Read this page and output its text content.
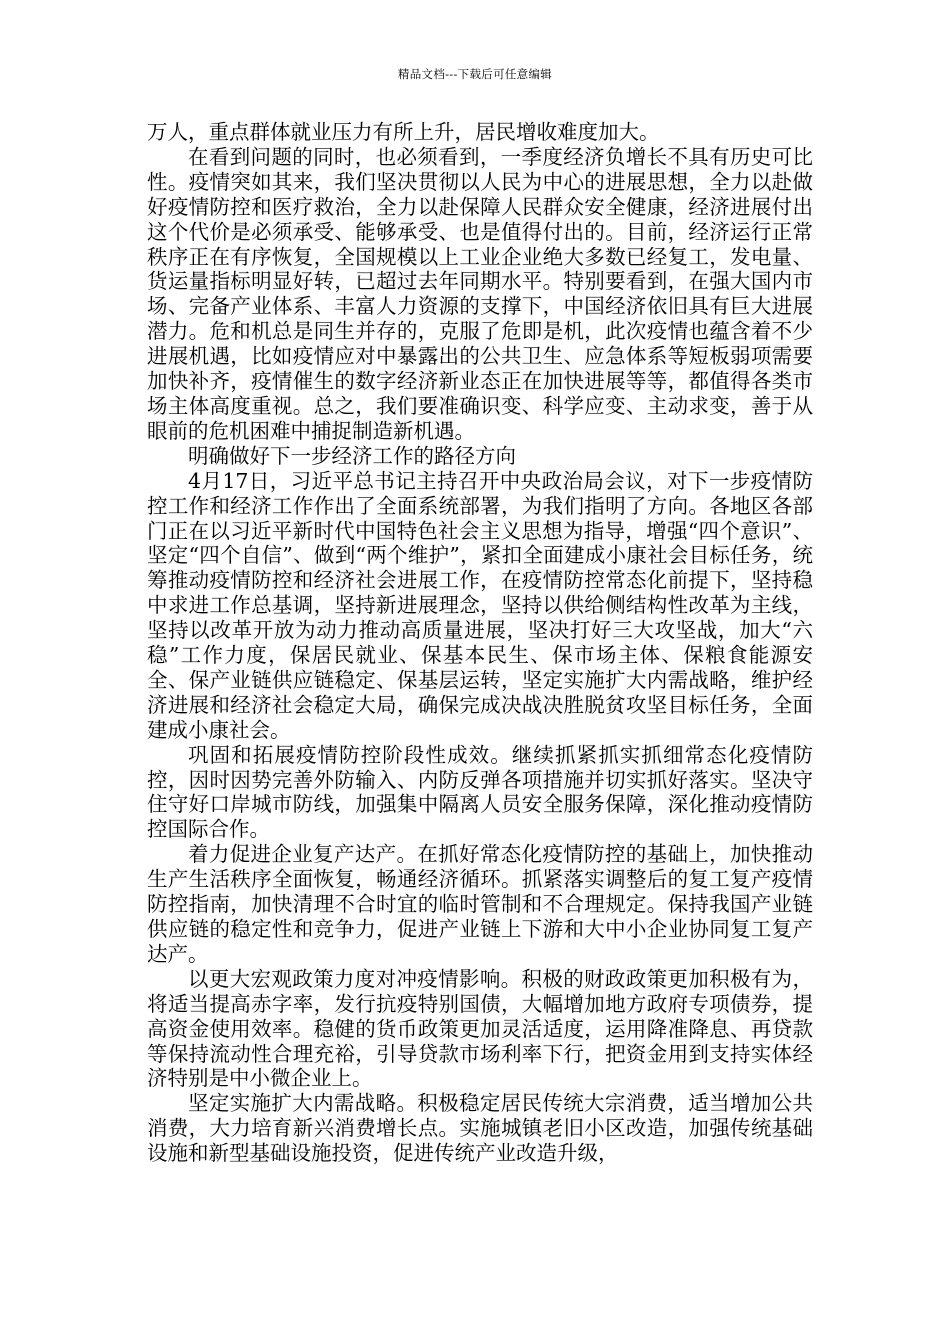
精品文档---下载后可任意编辑

万人，重点群体就业压力有所上升，居民增收难度加大。

在看到问题的同时，也必须看到，一季度经济负增长不具有历史可比性。疫情突如其来，我们坚决贯彻以人民为中心的进展思想，全力以赴做好疫情防控和医疗救治，全力以赴保障人民群众安全健康，经济进展付出这个代价是必须承受、能够承受、也是值得付出的。目前，经济运行正常秩序正在有序恢复，全国规模以上工业企业绝大多数已经复工，发电量、货运量指标明显好转，已超过去年同期水平。特别要看到，在强大国内市场、完备产业体系、丰富人力资源的支撑下，中国经济依旧具有巨大进展潜力。危和机总是同生并存的，克服了危即是机，此次疫情也蕴含着不少进展机遇，比如疫情应对中暴露出的公共卫生、应急体系等短板弱项需要加快补齐，疫情催生的数字经济新业态正在加快进展等等，都值得各类市场主体高度重视。总之，我们要准确识变、科学应变、主动求变，善于从眼前的危机困难中捕捉制造新机遇。

明确做好下一步经济工作的路径方向

4月17日，习近平总书记主持召开中央政治局会议，对下一步疫情防控工作和经济工作作出了全面系统部署，为我们指明了方向。各地区各部门正在以习近平新时代中国特色社会主义思想为指导，增强“四个意识”、坚定“四个自信”、做到“两个维护”，紧扣全面建成小康社会目标任务，统筹推动疫情防控和经济社会进展工作，在疫情防控常态化前提下，坚持稳中求进工作总基调，坚持新进展理念，坚持以供给侧结构性改革为主线，坚持以改革开放为动力推动高质量进展，坚决打好三大攻坚战，加大“六稳”工作力度，保居民就业、保基本民生、保市场主体、保粮食能源安全、保产业链供应链稳定、保基层运转，坚定实施扩大内需战略，维护经济进展和经济社会稳定大局，确保完成决战决胜脱贫攻坚目标任务，全面建成小康社会。

巩固和拓展疫情防控阶段性成效。继续抓紧抓实抓细常态化疫情防控，因时因势完善外防输入、内防反弹各项措施并切实抓好落实。坚决守住守好口岸城市防线，加强集中隔离人员安全服务保障，深化推动疫情防控国际合作。

着力促进企业复产达产。在抓好常态化疫情防控的基础上，加快推动生产生活秩序全面恢复，畅通经济循环。抓紧落实调整后的复工复产疫情防控指南，加快清理不合时宜的临时管制和不合理规定。保持我国产业链供应链的稳定性和竞争力，促进产业链上下游和大中小企业协同复工复产达产。

以更大宏观政策力度对冲疫情影响。积极的财政政策更加积极有为，将适当提高赤字率，发行抗疫特别国债，大幅增加地方政府专项债券，提高资金使用效率。稳健的货币政策更加灵活适度，运用降准降息、再贷款等保持流动性合理充裕，引导贷款市场利率下行，把资金用到支持实体经济特别是中小微企业上。

坚定实施扩大内需战略。积极稳定居民传统大宗消费，适当增加公共消费，大力培育新兴消费增长点。实施城镇老旧小区改造，加强传统基础设施和新型基础设施投资，促进传统产业改造升级，
